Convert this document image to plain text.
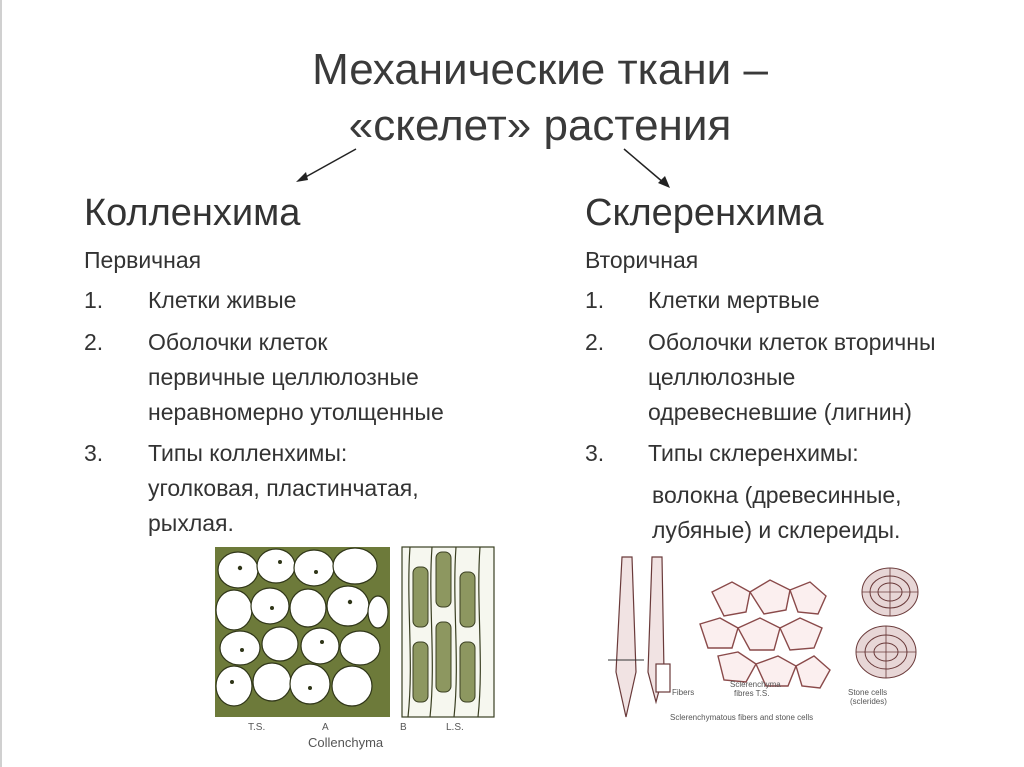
Механические ткани –
«скелет» растения
Колленхима
Первичная
1. Клетки живые
2. Оболочки клеток
первичные целлюлозные
неравномерно утолщенные
3. Типы колленхимы:
уголковая, пластинчатая,
рыхлая.
Склеренхима
Вторичная
1. Клетки мертвые
2. Оболочки клеток вторичны
целлюлозные
одревесневшие (лигнин)
3. Типы склеренхимы:
волокна (древесинные,
лубяные) и склереиды.
T.S.	A	B	L.S.
Collenchyma
Fibers
Sclerenchyma
fibres T.S.	Stone cells
(sclerides)
Sclerenchymatous fibers and stone cells
